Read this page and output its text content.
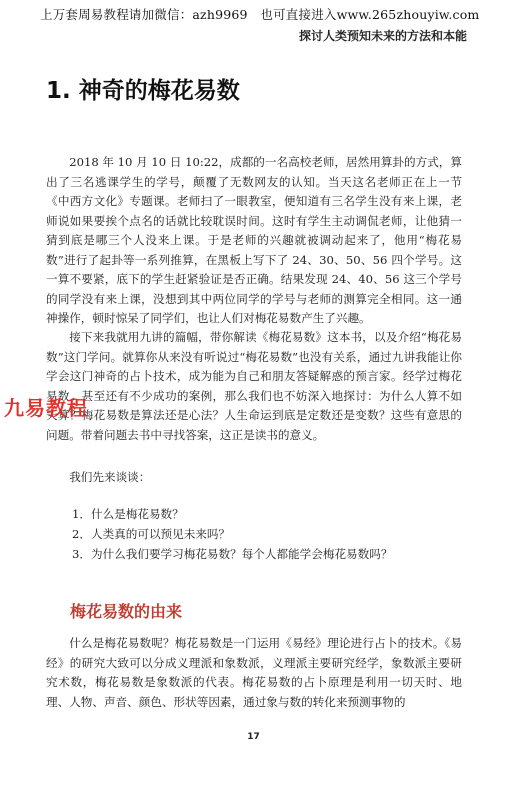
上万套周易教程请加微信：azh9969　也可直接进入www.265zhouyiw.com
探讨人类预知未来的方法和本能
1. 神奇的梅花易数

2018 年 10 月 10 日 10:22，成都的一名高校老师，居然用算卦的方式，算出了三名逃课学生的学号，颠覆了无数网友的认知。当天这名老师正在上一节《中西方文化》专题课。老师扫了一眼教室，便知道有三名学生没有来上课，老师说如果要挨个点名的话就比较耽误时间。这时有学生主动调侃老师，让他猜一猜到底是哪三个人没来上课。于是老师的兴趣就被调动起来了，他用“梅花易数”进行了起卦等一系列推算，在黑板上写下了 24、30、50、56 四个学号。这一算不要紧，底下的学生赶紧验证是否正确。结果发现 24、40、56 这三个学号的同学没有来上课，没想到其中两位同学的学号与老师的测算完全相同。这一通神操作，顿时惊呆了同学们，也让人们对梅花易数产生了兴趣。

接下来我就用九讲的篇幅，带你解读《梅花易数》这本书，以及介绍“梅花易数”这门学问。就算你从来没有听说过“梅花易数”也没有关系，通过九讲我能让你学会这门神奇的占卜技术，成为能为自己和朋友答疑解惑的预言家。经学过梅花易数，甚至还有不少成功的案例，那么我们也不妨深入地探讨：为什么人算不如天算？梅花易数是算法还是心法？人生命运到底是定数还是变数？这些有意思的问题。带着问题去书中寻找答案，这正是读书的意义。

我们先来谈谈：

1．什么是梅花易数？
2．人类真的可以预见未来吗？
3．为什么我们要学习梅花易数？每个人都能学会梅花易数吗？
梅花易数的由来

什么是梅花易数呢？梅花易数是一门运用《易经》理论进行占卜的技术。《易经》的研究大致可以分成义理派和象数派，义理派主要研究经学，象数派主要研究术数，梅花易数是象数派的代表。梅花易数的占卜原理是利用一切天时、地理、人物、声音、颜色、形状等因素，通过象与数的转化来预测事物的

九易教程
17
